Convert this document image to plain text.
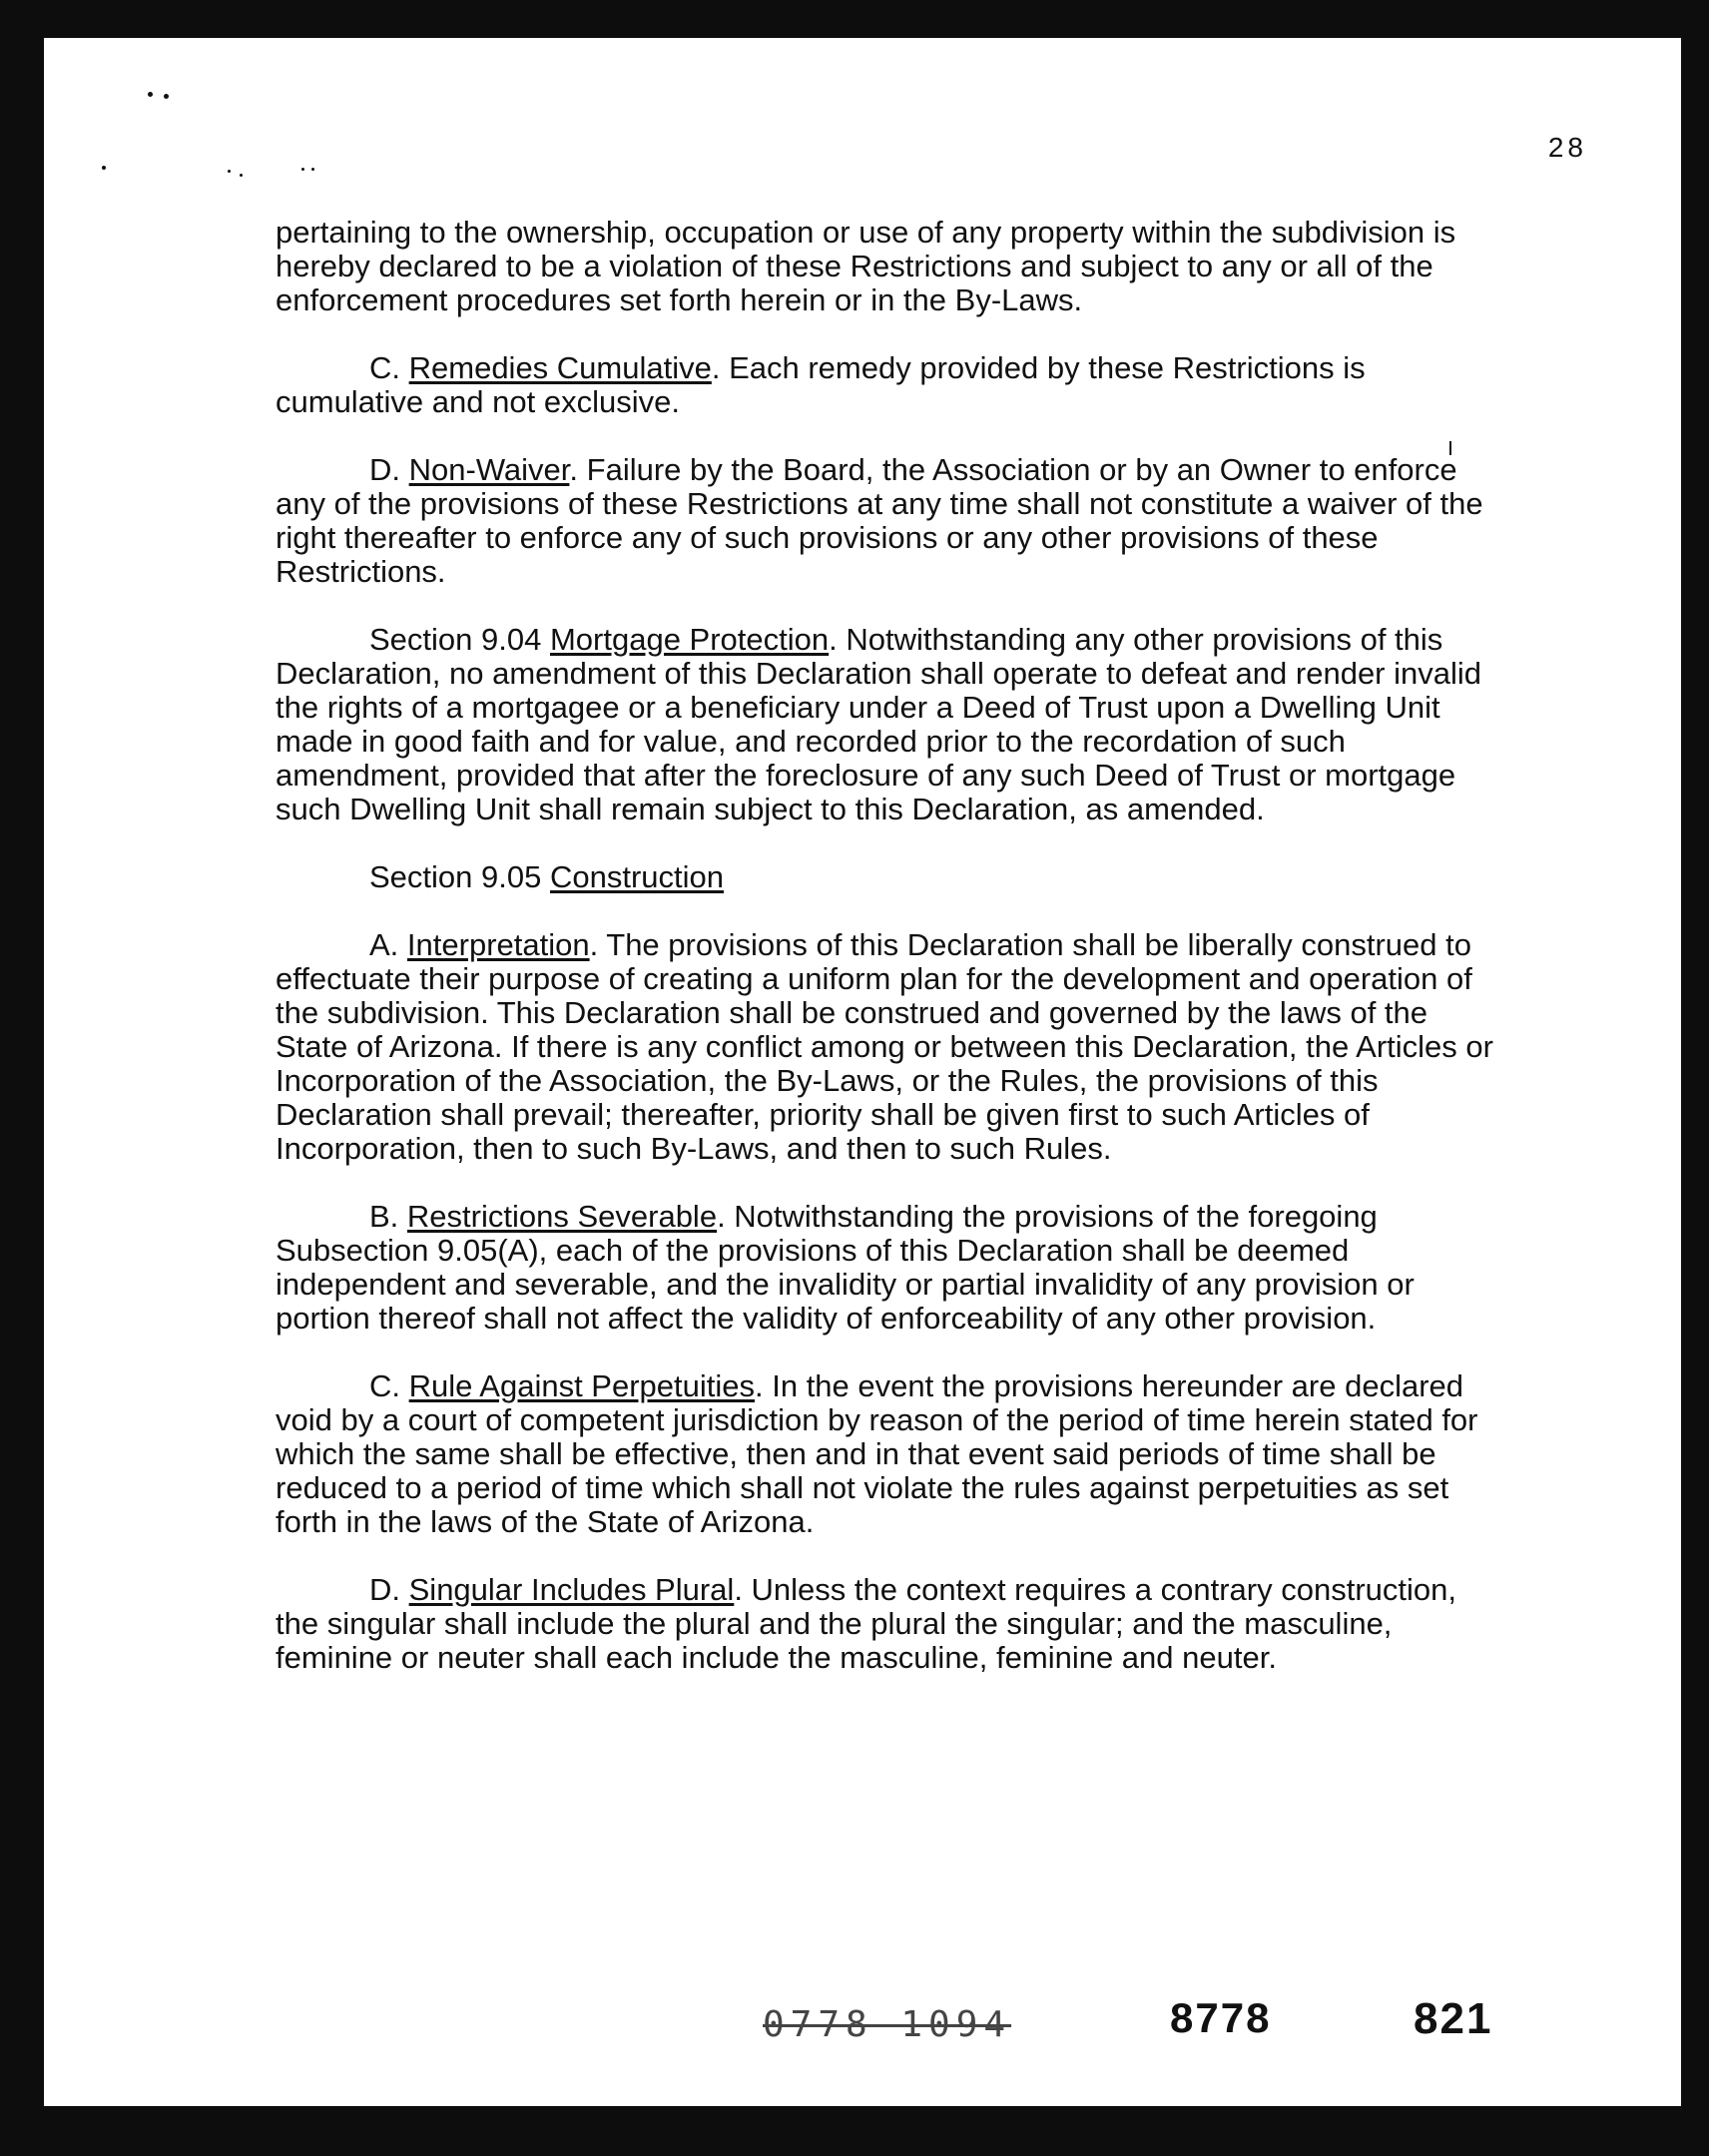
28

pertaining to the ownership, occupation or use of any property within the subdivision is hereby declared to be a violation of these Restrictions and subject to any or all of the enforcement procedures set forth herein or in the By-Laws.

C. Remedies Cumulative. Each remedy provided by these Restrictions is cumulative and not exclusive.

D. Non-Waiver. Failure by the Board, the Association or by an Owner to enforce any of the provisions of these Restrictions at any time shall not constitute a waiver of the right thereafter to enforce any of such provisions or any other provisions of these Restrictions.

Section 9.04 Mortgage Protection. Notwithstanding any other provisions of this Declaration, no amendment of this Declaration shall operate to defeat and render invalid the rights of a mortgagee or a beneficiary under a Deed of Trust upon a Dwelling Unit made in good faith and for value, and recorded prior to the recordation of such amendment, provided that after the foreclosure of any such Deed of Trust or mortgage such Dwelling Unit shall remain subject to this Declaration, as amended.

Section 9.05 Construction

A. Interpretation. The provisions of this Declaration shall be liberally construed to effectuate their purpose of creating a uniform plan for the development and operation of the subdivision. This Declaration shall be construed and governed by the laws of the State of Arizona. If there is any conflict among or between this Declaration, the Articles or Incorporation of the Association, the By-Laws, or the Rules, the provisions of this Declaration shall prevail; thereafter, priority shall be given first to such Articles of Incorporation, then to such By-Laws, and then to such Rules.

B. Restrictions Severable. Notwithstanding the provisions of the foregoing Subsection 9.05(A), each of the provisions of this Declaration shall be deemed independent and severable, and the invalidity or partial invalidity of any provision or portion thereof shall not affect the validity of enforceability of any other provision.

C. Rule Against Perpetuities. In the event the provisions hereunder are declared void by a court of competent jurisdiction by reason of the period of time herein stated for which the same shall be effective, then and in that event said periods of time shall be reduced to a period of time which shall not violate the rules against perpetuities as set forth in the laws of the State of Arizona.

D. Singular Includes Plural. Unless the context requires a contrary construction, the singular shall include the plural and the plural the singular; and the masculine, feminine or neuter shall each include the masculine, feminine and neuter.

0778 1094	8778	821
